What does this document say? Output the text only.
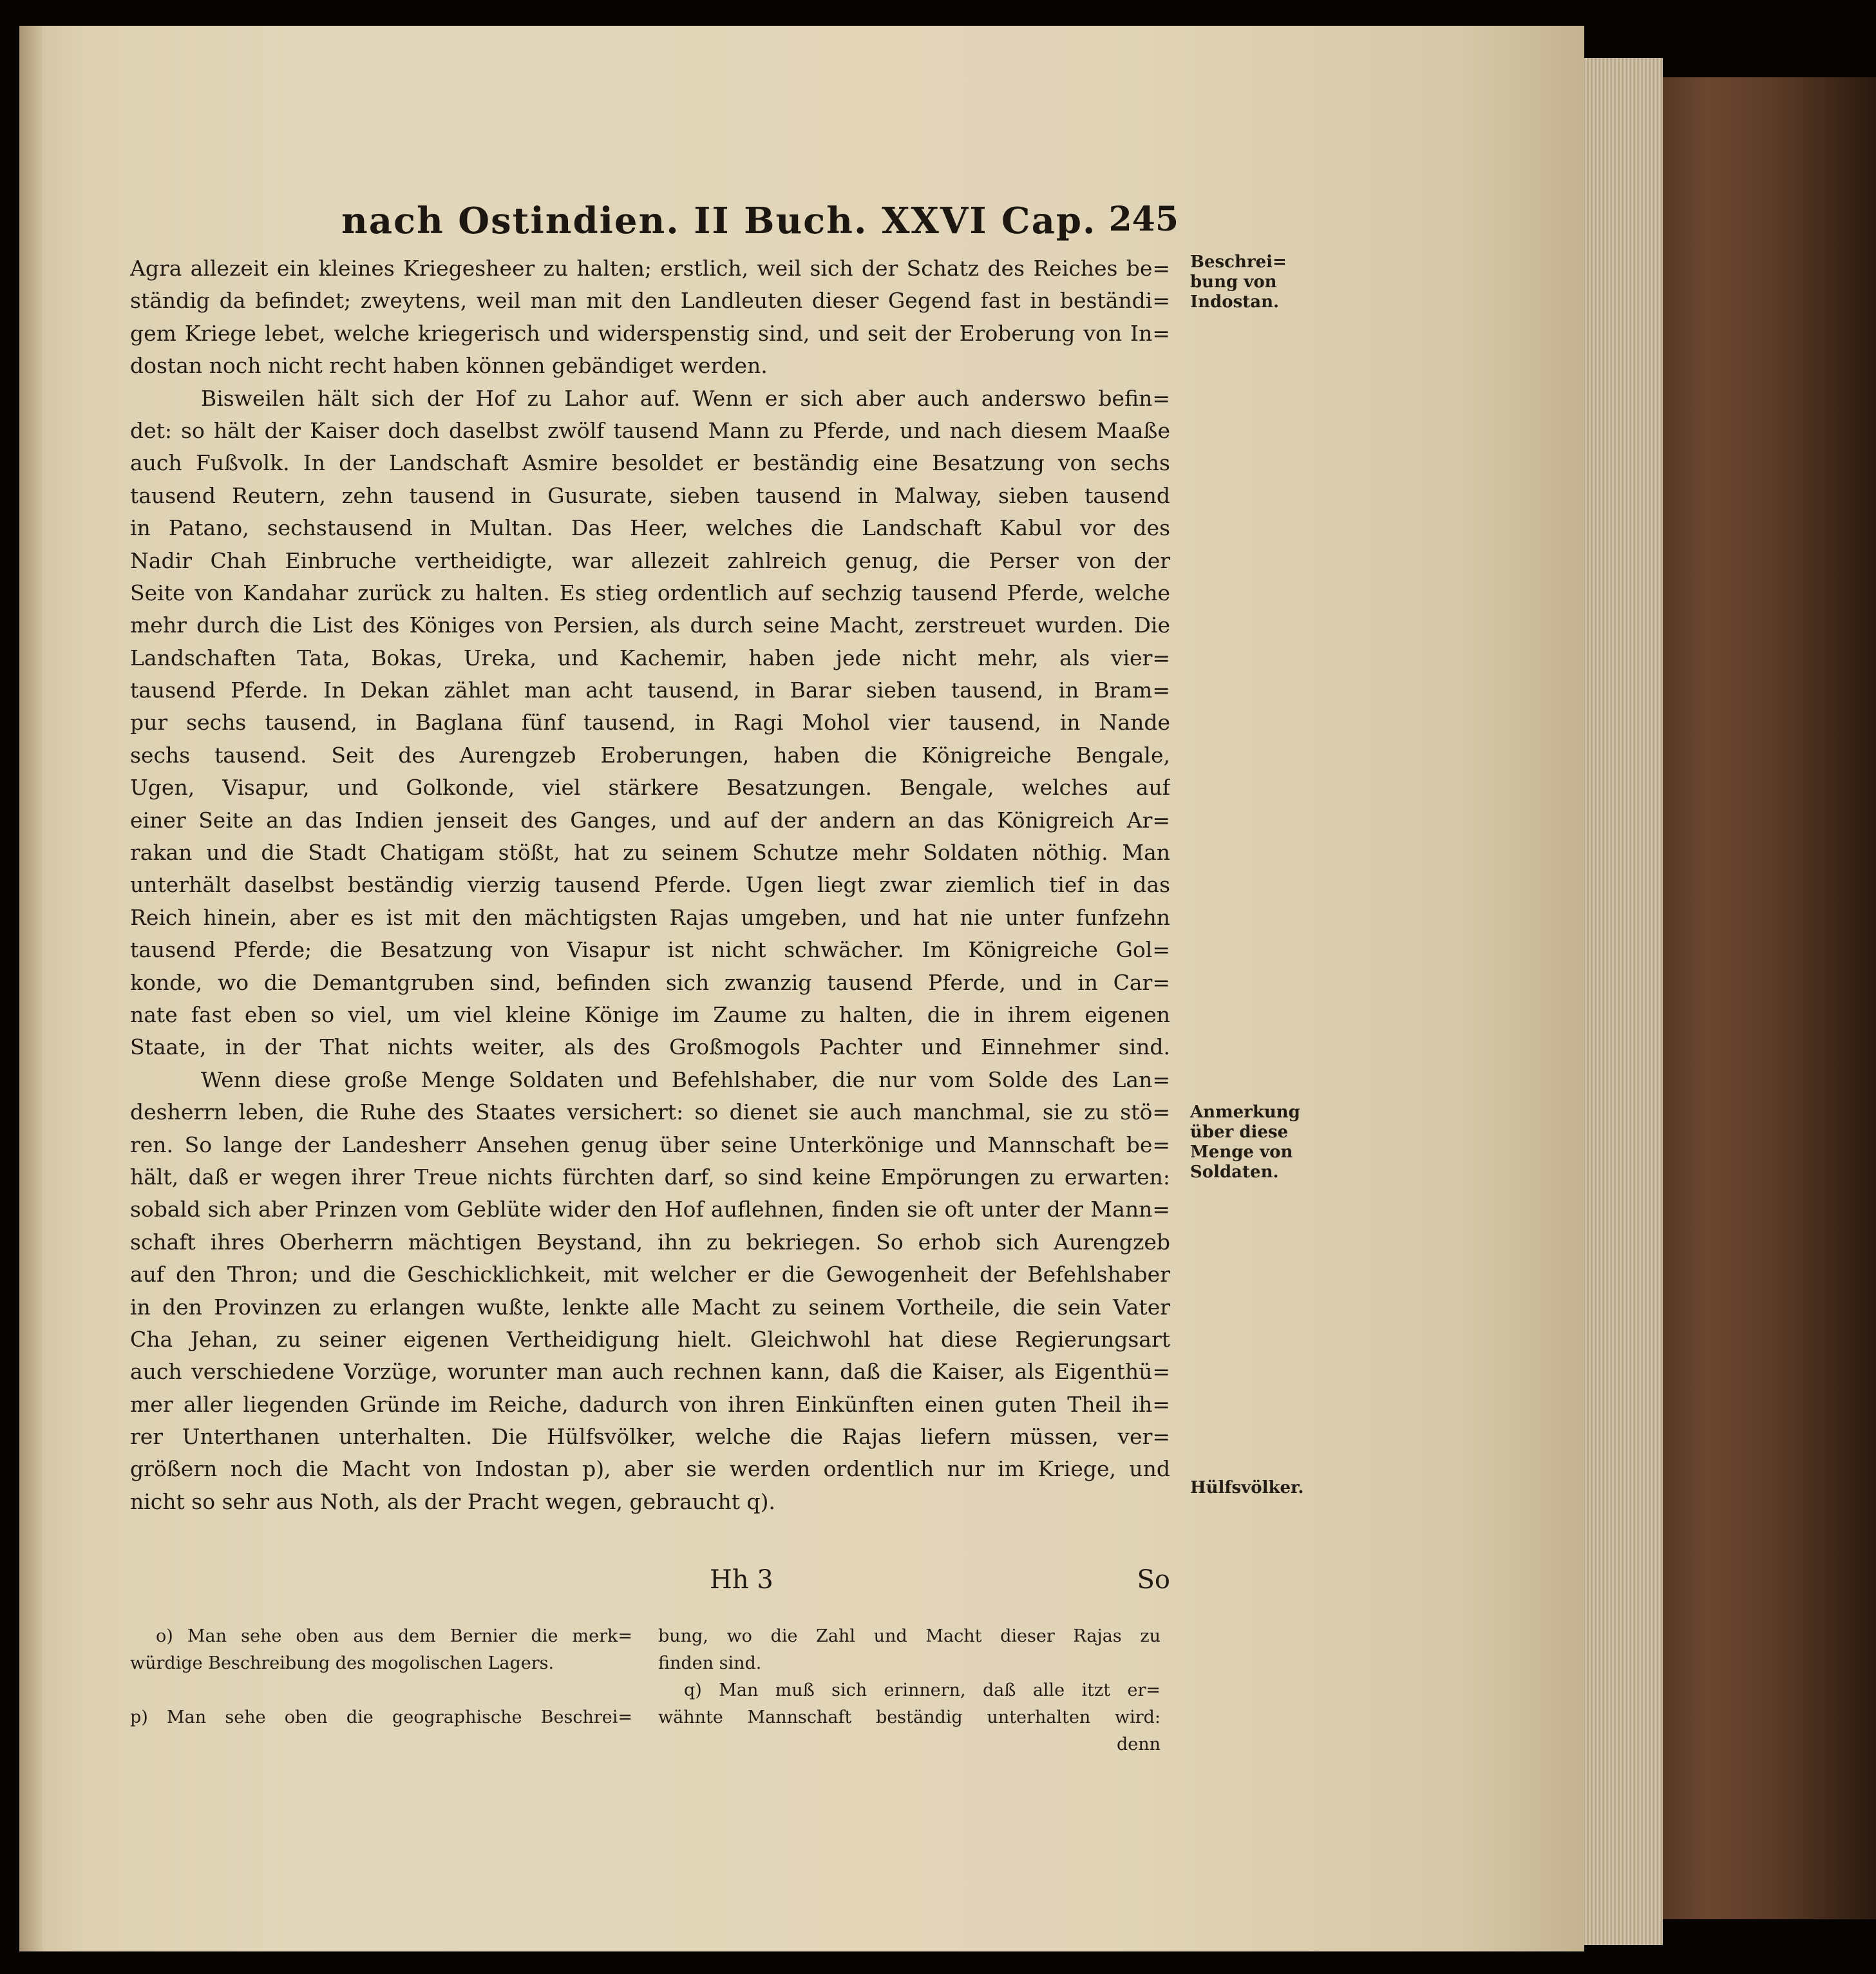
nach Ostindien. II Buch. XXVI Cap. 245
Agra allezeit ein kleines Kriegesheer zu halten; erstlich, weil sich der Schatz des Reiches be=
ständig da befindet; zweytens, weil man mit den Landleuten dieser Gegend fast in beständi=
gem Kriege lebet, welche kriegerisch und widerspenstig sind, und seit der Eroberung von In=
dostan noch nicht recht haben können gebändiget werden.
Bisweilen hält sich der Hof zu Lahor auf. Wenn er sich aber auch anderswo befin=
det: so hält der Kaiser doch daselbst zwölf tausend Mann zu Pferde, und nach diesem Maaße
auch Fußvolk. In der Landschaft Asmire besoldet er beständig eine Besatzung von sechs
tausend Reutern, zehn tausend in Gusurate, sieben tausend in Malway, sieben tausend
in Patano, sechstausend in Multan. Das Heer, welches die Landschaft Kabul vor des
Nadir Chah Einbruche vertheidigte, war allezeit zahlreich genug, die Perser von der
Seite von Kandahar zurück zu halten. Es stieg ordentlich auf sechzig tausend Pferde, welche
mehr durch die List des Königes von Persien, als durch seine Macht, zerstreuet wurden. Die
Landschaften Tata, Bokas, Ureka, und Kachemir, haben jede nicht mehr, als vier=
tausend Pferde. In Dekan zählet man acht tausend, in Barar sieben tausend, in Bram=
pur sechs tausend, in Baglana fünf tausend, in Ragi Mohol vier tausend, in Nande
sechs tausend. Seit des Aurengzeb Eroberungen, haben die Königreiche Bengale,
Ugen, Visapur, und Golkonde, viel stärkere Besatzungen. Bengale, welches auf
einer Seite an das Indien jenseit des Ganges, und auf der andern an das Königreich Ar=
rakan und die Stadt Chatigam stößt, hat zu seinem Schutze mehr Soldaten nöthig. Man
unterhält daselbst beständig vierzig tausend Pferde. Ugen liegt zwar ziemlich tief in das
Reich hinein, aber es ist mit den mächtigsten Rajas umgeben, und hat nie unter funfzehn
tausend Pferde; die Besatzung von Visapur ist nicht schwächer. Im Königreiche Gol=
konde, wo die Demantgruben sind, befinden sich zwanzig tausend Pferde, und in Car=
nate fast eben so viel, um viel kleine Könige im Zaume zu halten, die in ihrem eigenen
Staate, in der That nichts weiter, als des Großmogols Pachter und Einnehmer sind.
Wenn diese große Menge Soldaten und Befehlshaber, die nur vom Solde des Lan=
desherrn leben, die Ruhe des Staates versichert: so dienet sie auch manchmal, sie zu stö=
ren. So lange der Landesherr Ansehen genug über seine Unterkönige und Mannschaft be=
hält, daß er wegen ihrer Treue nichts fürchten darf, so sind keine Empörungen zu erwarten:
sobald sich aber Prinzen vom Geblüte wider den Hof auflehnen, finden sie oft unter der Mann=
schaft ihres Oberherrn mächtigen Beystand, ihn zu bekriegen. So erhob sich Aurengzeb
auf den Thron; und die Geschicklichkeit, mit welcher er die Gewogenheit der Befehlshaber
in den Provinzen zu erlangen wußte, lenkte alle Macht zu seinem Vortheile, die sein Vater
Cha Jehan, zu seiner eigenen Vertheidigung hielt. Gleichwohl hat diese Regierungsart
auch verschiedene Vorzüge, worunter man auch rechnen kann, daß die Kaiser, als Eigenthü=
mer aller liegenden Gründe im Reiche, dadurch von ihren Einkünften einen guten Theil ih=
rer Unterthanen unterhalten. Die Hülfsvölker, welche die Rajas liefern müssen, ver=
größern noch die Macht von Indostan p), aber sie werden ordentlich nur im Kriege, und
nicht so sehr aus Noth, als der Pracht wegen, gebraucht q).
Beschrei=
bung von
Indostan.
Anmerkung
über diese
Menge von
Soldaten.
Hülfsvölker.
Hh 3	So
o) Man sehe oben aus dem Bernier die merk=
würdige Beschreibung des mogolischen Lagers.
p) Man sehe oben die geographische Beschrei=
bung, wo die Zahl und Macht dieser Rajas zu
finden sind.
q) Man muß sich erinnern, daß alle itzt er=
wähnte Mannschaft beständig unterhalten wird:
denn
